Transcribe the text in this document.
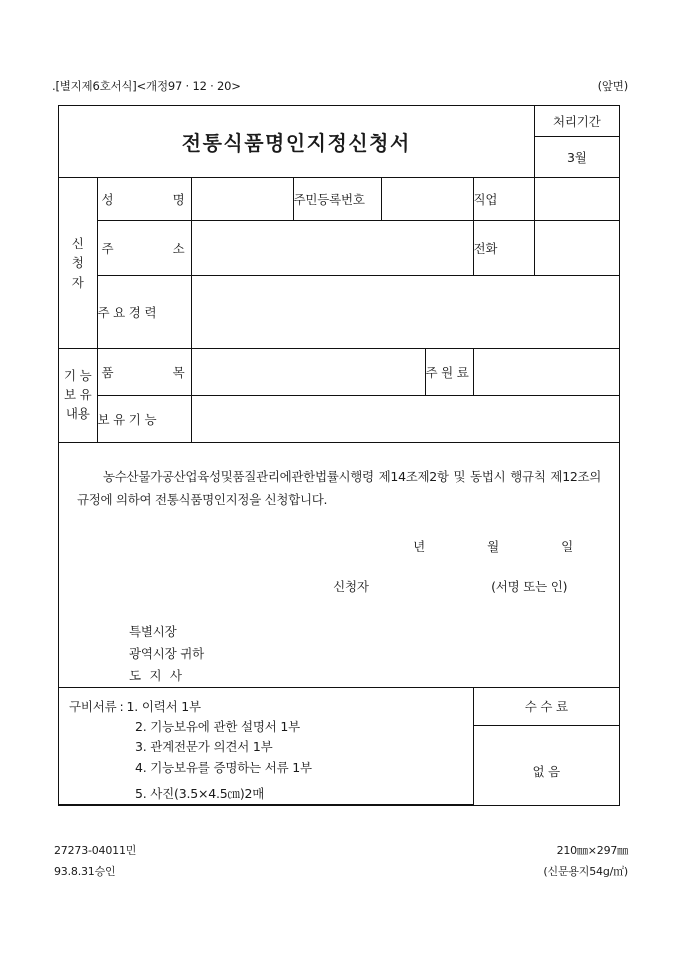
.[별지제6호서식]<개정97 · 12 · 20>	(앞면)
전통식품명인지정신청서							처리기간
							3월

신
청
자	성 명		주민등록번호			직업	

	주 소					전화	
	주 요 경 력						

기 능
보 유
내용	품 목				주 원 료		
	보 유 기 능						

농수산물가공산업육성및품질관리에관한법률시행령 제14조제2항 및 동법시 행규칙 제12조의 규정에 의하여 전통식품명인지정을 신청합니다.
년	월	일
신청자	(서명 또는 인)
특별시장
광역시장 귀하
도 지 사

구비서류 : 1. 이력서 1부
2. 기능보유에 관한 설명서 1부
3. 관계전문가 의견서 1부
4. 기능보유를 증명하는 서류 1부
5. 사진(3.5×4.5㎝)2매
	수 수 료

						없 음	
27273-04011민	210㎜×297㎜
93.8.31승인	(신문용지54g/㎡)
